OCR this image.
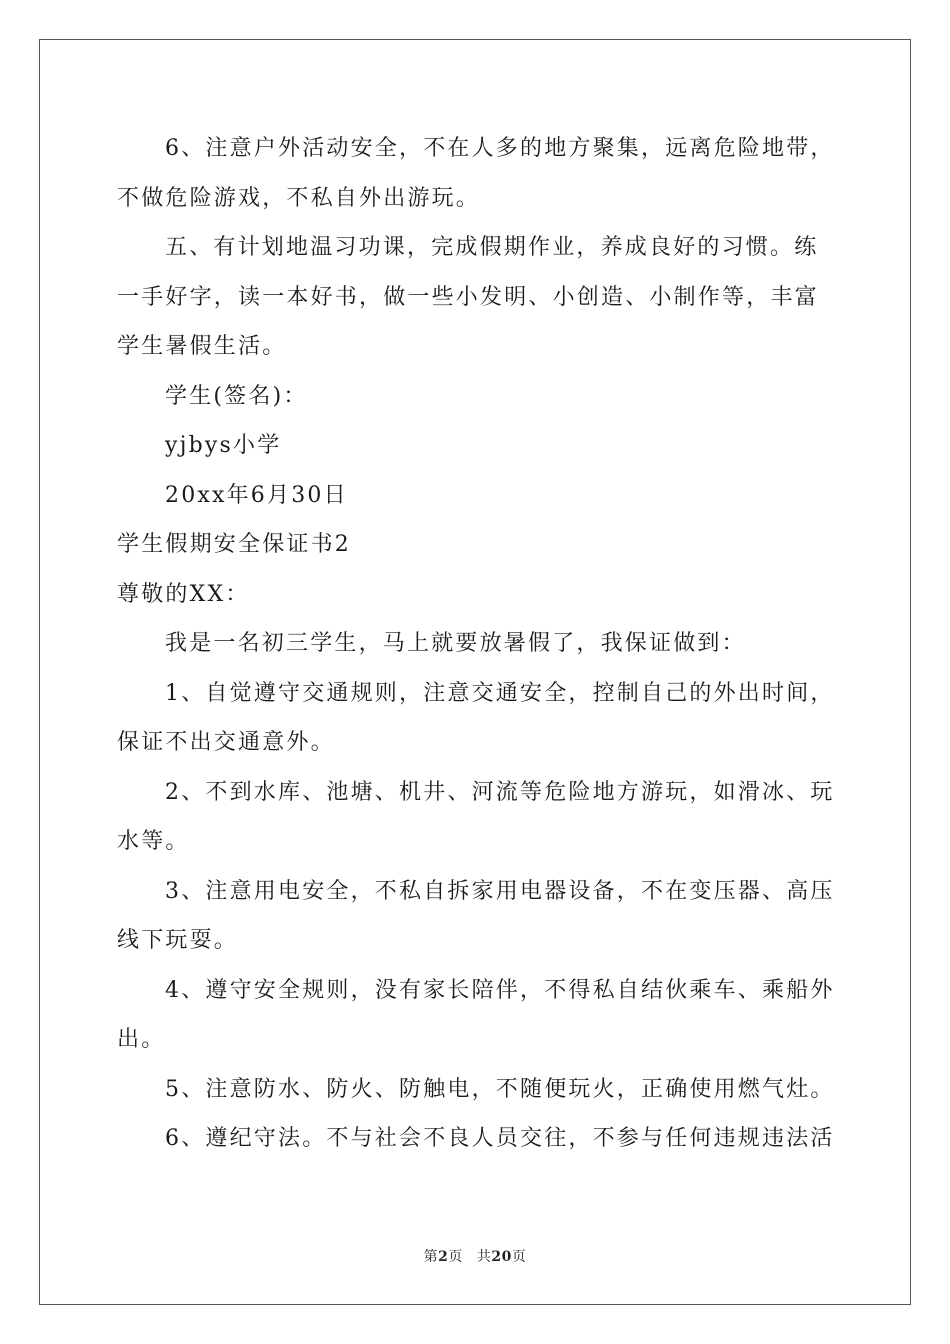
6、注意户外活动安全，不在人多的地方聚集，远离危险地带，不做危险游戏，不私自外出游玩。

五、有计划地温习功课，完成假期作业，养成良好的习惯。练一手好字，读一本好书，做一些小发明、小创造、小制作等，丰富学生暑假生活。

学生(签名)：

yjbys小学

20xx年6月30日

学生假期安全保证书2

尊敬的XX：

我是一名初三学生，马上就要放暑假了，我保证做到：

1、自觉遵守交通规则，注意交通安全，控制自己的外出时间，保证不出交通意外。

2、不到水库、池塘、机井、河流等危险地方游玩，如滑冰、玩水等。

3、注意用电安全，不私自拆家用电器设备，不在变压器、高压线下玩耍。

4、遵守安全规则，没有家长陪伴，不得私自结伙乘车、乘船外出。

5、注意防水、防火、防触电，不随便玩火，正确使用燃气灶。

6、遵纪守法。不与社会不良人员交往，不参与任何违规违法活

第2页 共20页
